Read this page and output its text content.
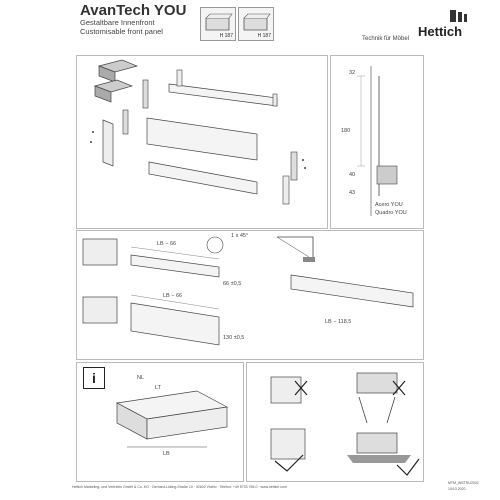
AvanTech YOU
Gestaltbare Innenfront
Customisable front panel	H 187	H 187	Hettich
Technik für Möbel
32
180
40
43
Acero YOU
Quadro YOU
1 x 45°
LB − 66
66 ±0,5
LB − 66
130 ±0,5
LB − 118,5
i	NL
LT
LB
Hettich Marketing- und Vertriebs GmbH & Co. KG · Gerhard-Lüking-Straße 10 · 32602 Vlotho · Telefon: +49 5733 798-0 · www.hettich.com
MTM_INSTRU2002
10/13.2020
